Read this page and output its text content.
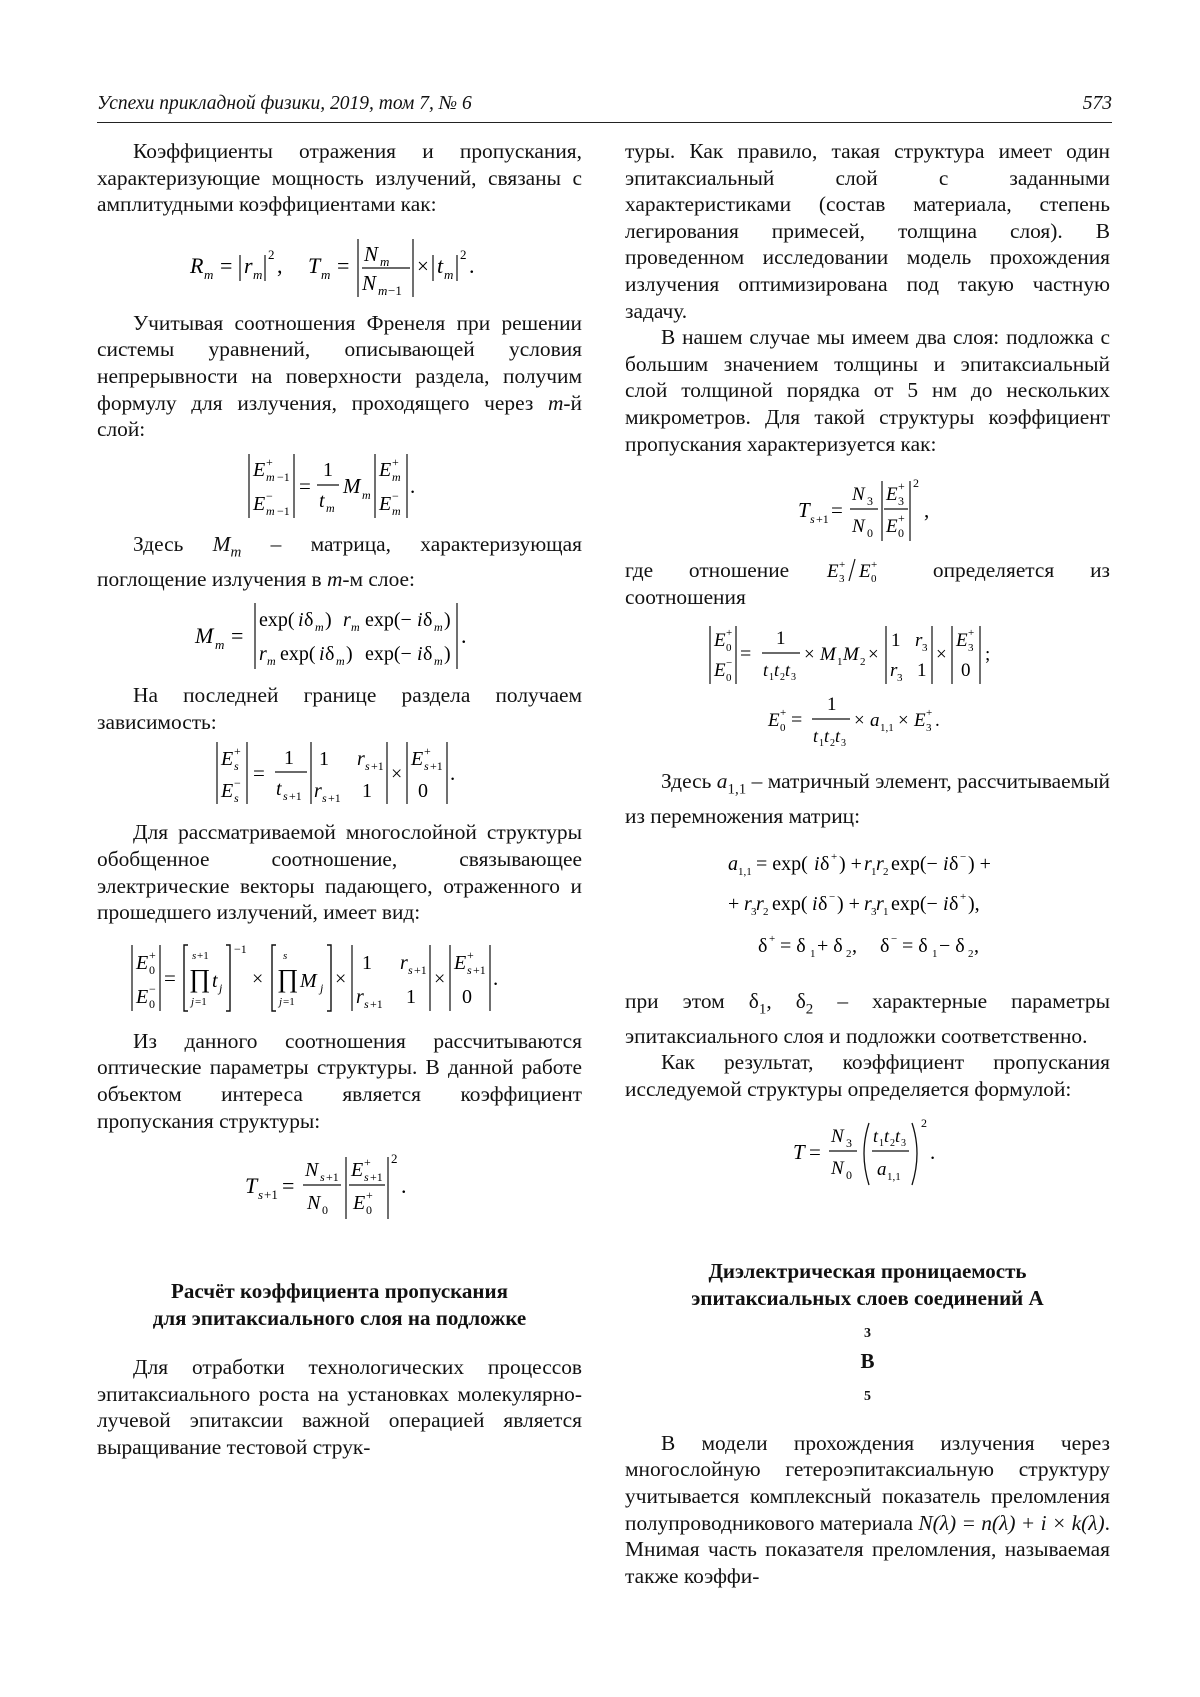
Успехи прикладной физики, 2019, том 7, № 6	573

Коэффициенты отражения и пропускания, характеризующие мощность излучений, связаны с амплитудными коэффициентами как:

R m = r m
2 , T m = N m
N m −1
× t m
2 .

Учитывая соотношения Френеля при решении системы уравнений, описывающей условия непрерывности на поверхности раздела, получим формулу для излучения, проходящего через m-й слой:

E +
m −1
E −
m −1
=
1
t m
M m
E +
m
E −
m
.

Здесь Mm – матрица, характеризующая поглощение излучения в m-м слое:

M m =
exp( i δ m ) r m exp(− i δ m )
r m exp( i δ m ) exp(− i δ m )
.

На последней границе раздела получаем зависимость:

E +
s
E −
s
=
1
t s +1
1 r s +1
r s +1 1
×
E +
s +1
0
.

Для рассматриваемой многослойной структуры обобщенное соотношение, связывающее электрические векторы падающего, отраженного и прошедшего излучений, имеет вид:

E +
0
E −
0
=
s +1
∏ t j
j =1
−1
×
s
∏ M j
j =1
×
1 r s +1
r s +1 1
×
E +
s +1
0
.

Из данного соотношения рассчитываются оптические параметры структуры. В данной работе объектом интереса является коэффициент пропускания структуры:

T s +1 =
N s +1
N 0
E +
s +1
E +
0
2
.
Расчёт коэффициента пропускания
для эпитаксиального слоя на подложке

Для отработки технологических процессов эпитаксиального роста на установках молекулярно-лучевой эпитаксии важной операцией является выращивание тестовой струк-

туры. Как правило, такая структура имеет один эпитаксиальный слой с заданными характеристиками (состав материала, степень легирования примесей, толщина слоя). В проведенном исследовании модель прохождения излучения оптимизирована под такую частную задачу.

В нашем случае мы имеем два слоя: подложка с большим значением толщины и эпитаксиальный слой толщиной порядка от 5 нм до нескольких микрометров. Для такой структуры коэффициент пропускания характеризуется как:

T s +1 =
N 3
N 0
E +
3
E +
0
2
,

где отношение E +
3 E +
0	определяется из соотношения

E +
0
E −
0
=
1
t 1 t 2 t 3
× M 1 M 2 ×
1 r 3
r 3 1
×
E +
3
0
;
E +
0 =
1
t 1 t 2 t 3
× a 1,1 × E +
3 .

Здесь a1,1 – матричный элемент, рассчитываемый из перемножения матриц:

a 1,1 = exp( i δ + ) + r 1 r 2 exp(− i δ − ) +
+ r 3 r 2 exp( i δ − ) + r 3 r 1 exp(− i δ + ),
δ + = δ 1 + δ 2 , δ − = δ 1 − δ 2 ,

при этом δ1, δ2 – характерные параметры эпитаксиального слоя и подложки соответственно.

Как результат, коэффициент пропускания исследуемой структуры определяется формулой:

T =
N 3
N 0
t 1 t 2 t 3
a 1,1
2
.
Диэлектрическая проницаемость
эпитаксиальных слоев соединений A
3
B
5

В модели прохождения излучения через многослойную гетероэпитаксиальную структуру учитывается комплексный показатель преломления полупроводникового материала N(λ) = n(λ) + i × k(λ). Мнимая часть показателя преломления, называемая также коэффи-
